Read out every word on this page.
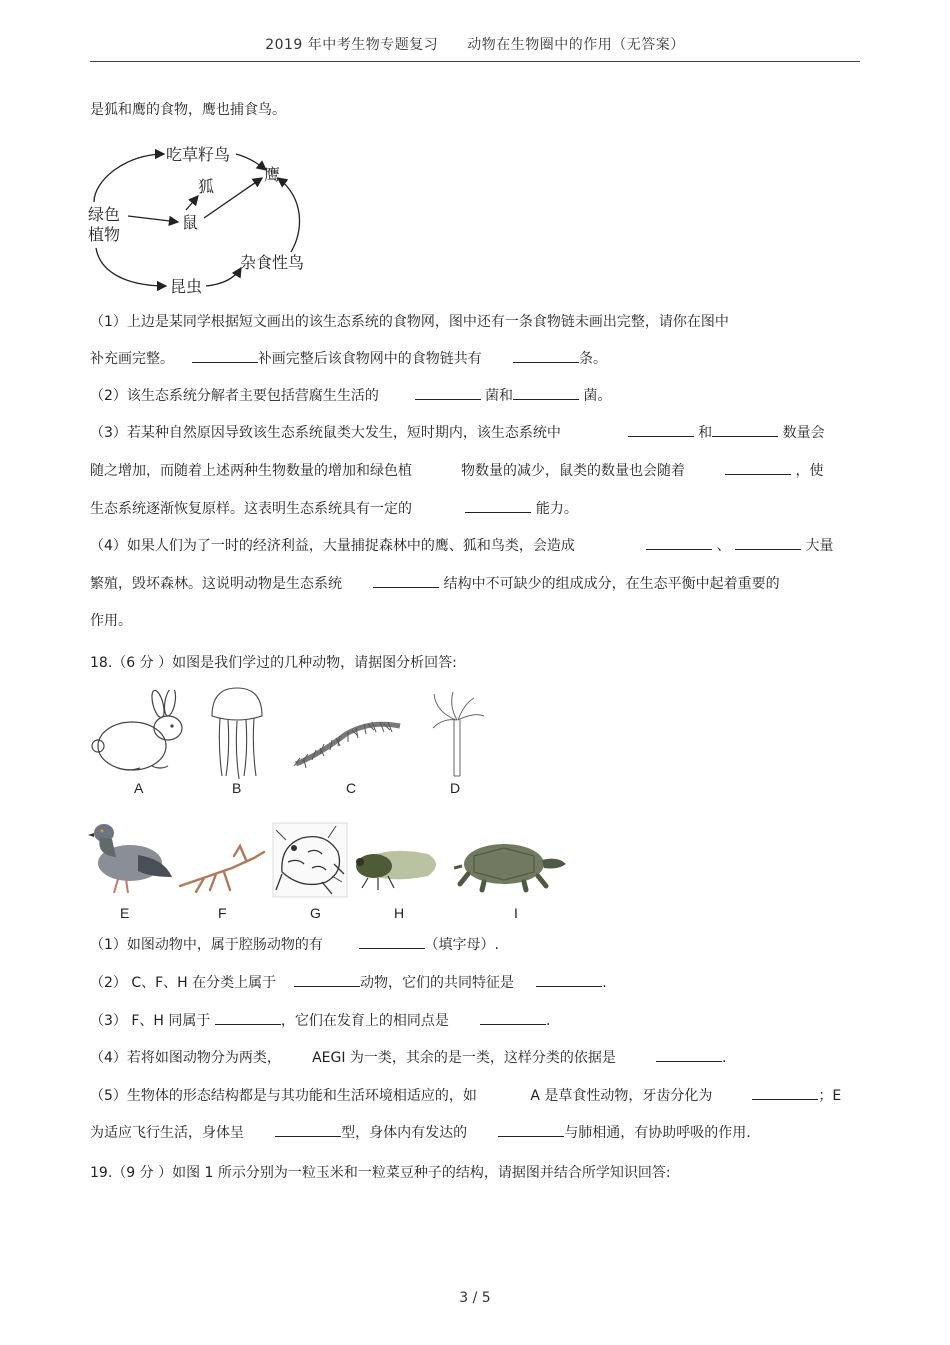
2019 年中考生物专题复习　　动物在生物圈中的作用（无答案）
是狐和鹰的食物，鹰也捕食鸟。
吃草籽鸟
鹰
狐
绿色
植物
鼠
杂食性鸟
昆虫
（1）上边是某同学根据短文画出的该生态系统的食物网，图中还有一条食物链未画出完整，请你在图中
补充画完整。	补画完整后该食物网中的食物链共有	条。
（2）该生态系统分解者主要包括营腐生生活的	菌和	菌。
（3）若某种自然原因导致该生态系统鼠类大发生，短时期内，该生态系统中	和	数量会
随之增加，而随着上述两种生物数量的增加和绿色植	物数量的减少，鼠类的数量也会随着	，使
生态系统逐渐恢复原样。这表明生态系统具有一定的	能力。
（4）如果人们为了一时的经济利益，大量捕捉森林中的鹰、狐和鸟类，会造成	、	大量
繁殖，毁坏森林。这说明动物是生态系统	结构中不可缺少的组成成分，在生态平衡中起着重要的
作用。
18.（6 分 ）如图是我们学过的几种动物，请据图分析回答:
A	B	C	D
E	F	G	H	I
（1）如图动物中，属于腔肠动物的有	（填字母）.
（2） C、F、H 在分类上属于	动物，它们的共同特征是	.
（3） F、H 同属于	，它们在发育上的相同点是	.
（4）若将如图动物分为两类， AEGI 为一类，其余的是一类，这样分类的依据是	.
（5）生物体的形态结构都是与其功能和生活环境相适应的，如	A 是草食性动物，牙齿分化为	；E
为适应飞行生活，身体呈	型，身体内有发达的	与肺相通，有协助呼吸的作用.
19.（9 分 ）如图 1 所示分别为一粒玉米和一粒菜豆种子的结构，请据图并结合所学知识回答:
3 / 5
